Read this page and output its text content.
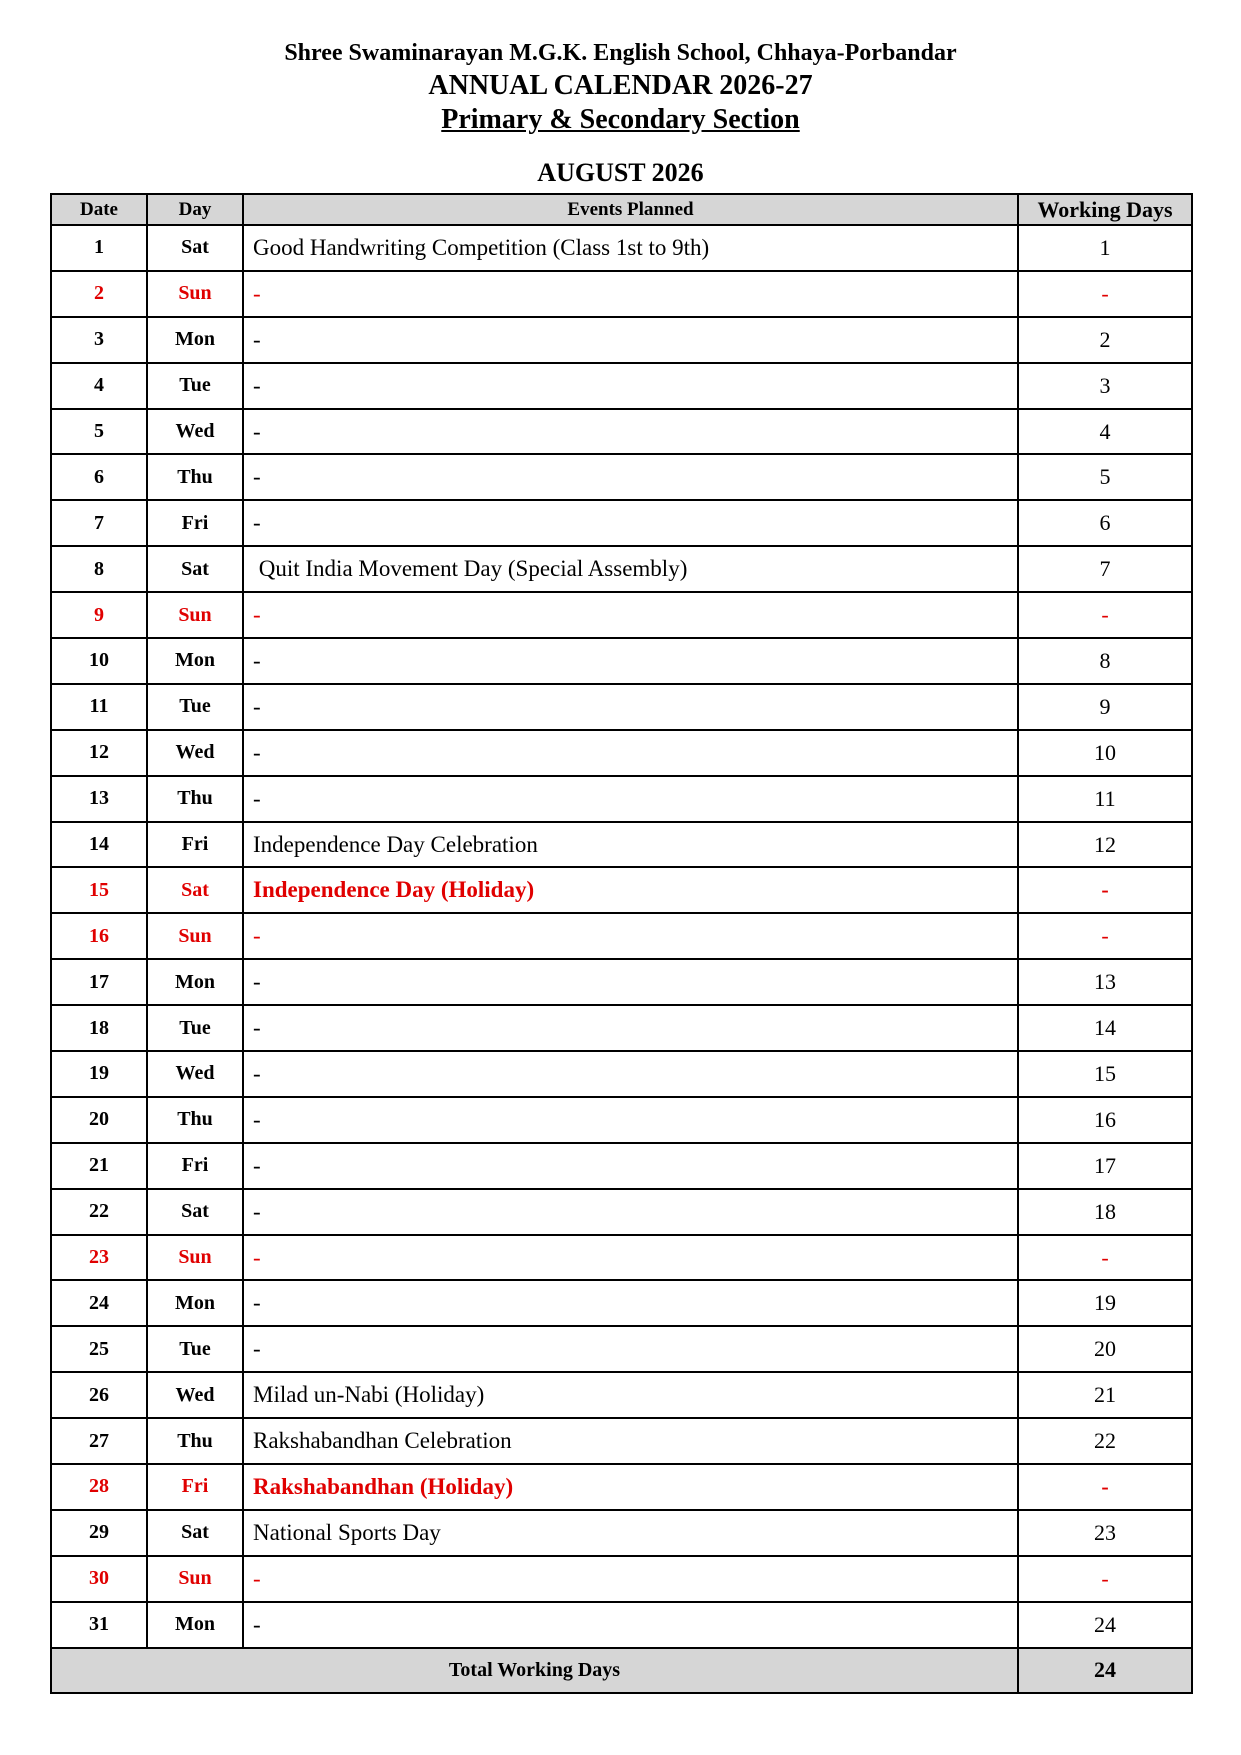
Shree Swaminarayan M.G.K. English School, Chhaya-Porbandar
ANNUAL CALENDAR 2026-27
Primary & Secondary Section
AUGUST 2026
Date	Day	Events Planned	Working Days
1	Sat	Good Handwriting Competition (Class 1st to 9th)	1
2	Sun	-	-
3	Mon	-	2
4	Tue	-	3
5	Wed	-	4
6	Thu	-	5
7	Fri	-	6
8	Sat	Quit India Movement Day (Special Assembly)	7
9	Sun	-	-
10	Mon	-	8
11	Tue	-	9
12	Wed	-	10
13	Thu	-	11
14	Fri	Independence Day Celebration	12
15	Sat	Independence Day (Holiday)	-
16	Sun	-	-
17	Mon	-	13
18	Tue	-	14
19	Wed	-	15
20	Thu	-	16
21	Fri	-	17
22	Sat	-	18
23	Sun	-	-
24	Mon	-	19
25	Tue	-	20
26	Wed	Milad un-Nabi (Holiday)	21
27	Thu	Rakshabandhan Celebration	22
28	Fri	Rakshabandhan (Holiday)	-
29	Sat	National Sports Day	23
30	Sun	-	-
31	Mon	-	24
Total Working Days			24
